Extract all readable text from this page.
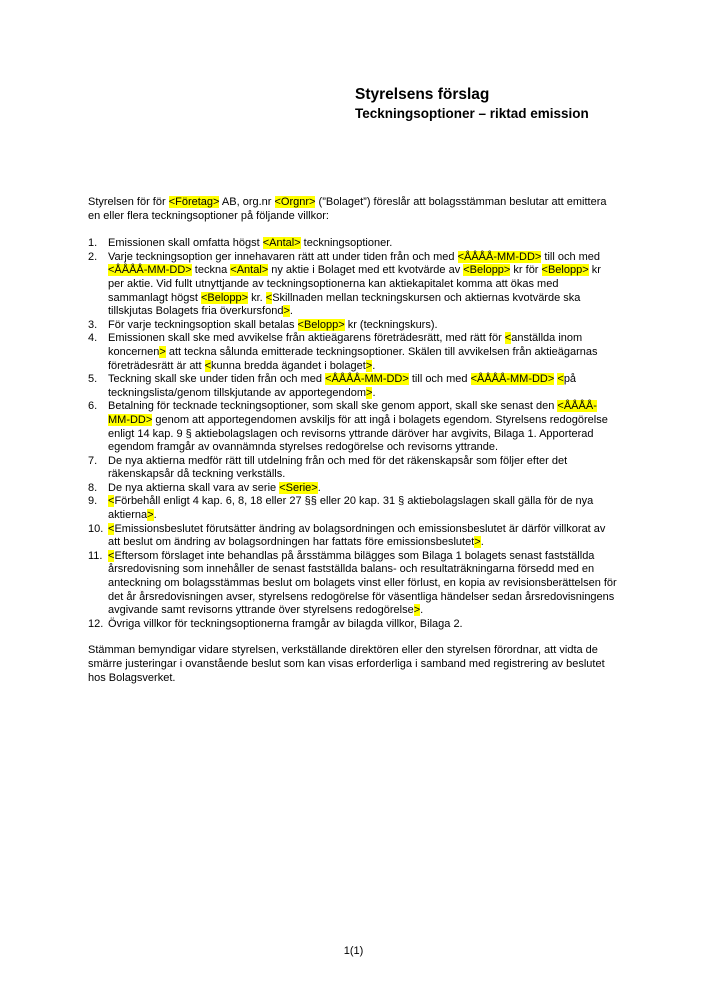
Styrelsens förslag
Teckningsoptioner – riktad emission

Styrelsen för för <Företag> AB, org.nr <Orgnr> (”Bolaget”) föreslår att bolagsstämman beslutar att emittera en eller flera teckningsoptioner på följande villkor:

1. Emissionen skall omfatta högst <Antal> teckningsoptioner.
2. Varje teckningsoption ger innehavaren rätt att under tiden från och med <ÅÅÅÅ-MM-DD> till och med <ÅÅÅÅ-MM-DD> teckna <Antal> ny aktie i Bolaget med ett kvotvärde av <Belopp> kr för <Belopp> kr per aktie. Vid fullt utnyttjande av teckningsoptionerna kan aktiekapitalet komma att ökas med sammanlagt högst <Belopp> kr. <Skillnaden mellan teckningskursen och aktiernas kvotvärde ska tillskjutas Bolagets fria överkursfond>.
3. För varje teckningsoption skall betalas <Belopp> kr (teckningskurs).
4. Emissionen skall ske med avvikelse från aktieägarens företrädesrätt, med rätt för <anställda inom koncernen> att teckna sålunda emitterade teckningsoptioner. Skälen till avvikelsen från aktieägarnas företrädesrätt är att <kunna bredda ägandet i bolaget>.
5. Teckning skall ske under tiden från och med <ÅÅÅÅ-MM-DD> till och med <ÅÅÅÅ-MM-DD> <på teckningslista/genom tillskjutande av apportegendom>.
6. Betalning för tecknade teckningsoptioner, som skall ske genom apport, skall ske senast den <ÅÅÅÅ-MM-DD> genom att apportegendomen avskiljs för att ingå i bolagets egendom. Styrelsens redogörelse enligt 14 kap. 9 § aktiebolagslagen och revisorns yttrande däröver har avgivits, Bilaga 1. Apporterad egendom framgår av ovannämnda styrelses redogörelse och revisorns yttrande.
7. De nya aktierna medför rätt till utdelning från och med för det räkenskapsår som följer efter det räkenskapsår då teckning verkställs.
8. De nya aktierna skall vara av serie <Serie>.
9. <Förbehåll enligt 4 kap. 6, 8, 18 eller 27 §§ eller 20 kap. 31 § aktiebolagslagen skall gälla för de nya aktierna>.
10. <Emissionsbeslutet förutsätter ändring av bolagsordningen och emissionsbeslutet är därför villkorat av att beslut om ändring av bolagsordningen har fattats före emissionsbeslutet>.
11. <Eftersom förslaget inte behandlas på årsstämma bilägges som Bilaga 1 bolagets senast fastställda årsredovisning som innehåller de senast fastställda balans- och resultaträkningarna försedd med en anteckning om bolagsstämmas beslut om bolagets vinst eller förlust, en kopia av revisionsberättelsen för det år årsredovisningen avser, styrelsens redogörelse för väsentliga händelser sedan årsredovisningens avgivande samt revisorns yttrande över styrelsens redogörelse>.
12. Övriga villkor för teckningsoptionerna framgår av bilagda villkor, Bilaga 2.

Stämman bemyndigar vidare styrelsen, verkställande direktören eller den styrelsen förordnar, att vidta de smärre justeringar i ovanstående beslut som kan visas erforderliga i samband med registrering av beslutet hos Bolagsverket.

1(1)
